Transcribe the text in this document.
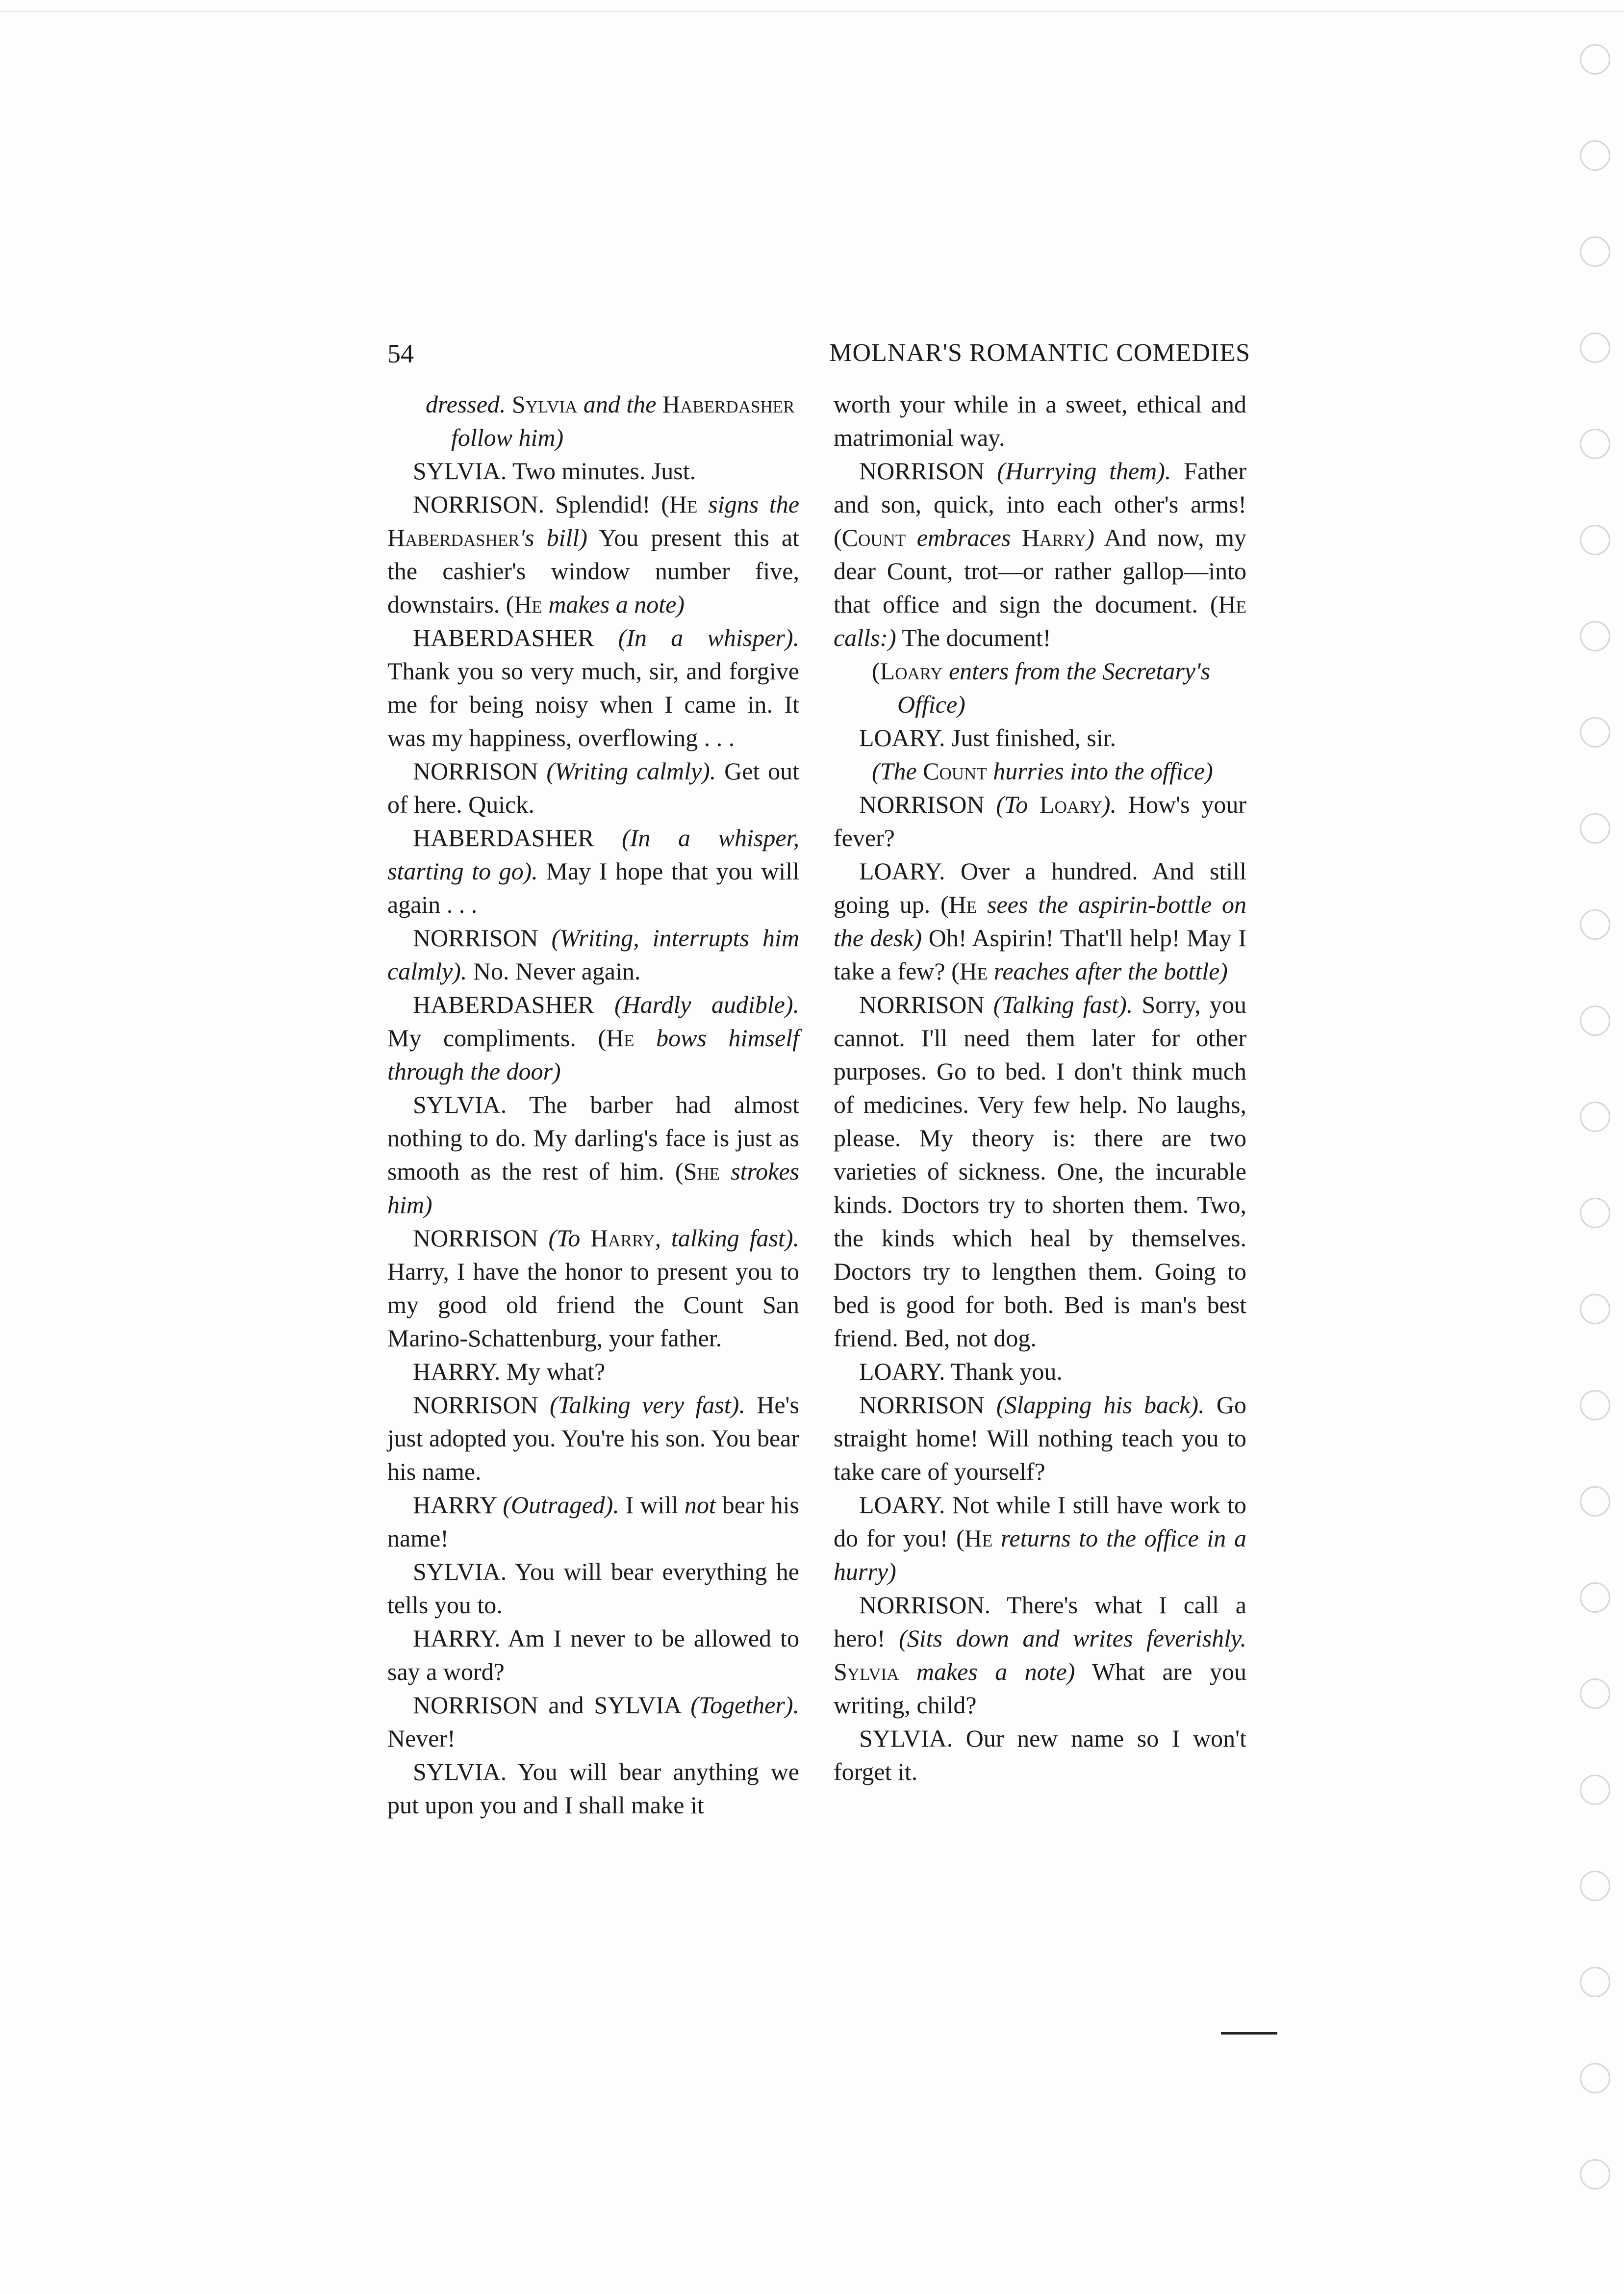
54	MOLNAR'S ROMANTIC COMEDIES

dressed. Sylvia and the Haberdasher follow him)

SYLVIA. Two minutes. Just.

NORRISON. Splendid! (He signs the Haberdasher's bill) You present this at the cashier's window number five, downstairs. (He makes a note)

HABERDASHER (In a whisper). Thank you so very much, sir, and forgive me for being noisy when I came in. It was my happiness, overflowing . . .

NORRISON (Writing calmly). Get out of here. Quick.

HABERDASHER (In a whisper, starting to go). May I hope that you will again . . .

NORRISON (Writing, interrupts him calmly). No. Never again.

HABERDASHER (Hardly audible). My compliments. (He bows himself through the door)

SYLVIA. The barber had almost nothing to do. My darling's face is just as smooth as the rest of him. (She strokes him)

NORRISON (To Harry, talking fast). Harry, I have the honor to present you to my good old friend the Count San Marino-Schattenburg, your father.

HARRY. My what?

NORRISON (Talking very fast). He's just adopted you. You're his son. You bear his name.

HARRY (Outraged). I will not bear his name!

SYLVIA. You will bear everything he tells you to.

HARRY. Am I never to be allowed to say a word?

NORRISON and SYLVIA (Together). Never!

SYLVIA. You will bear anything we put upon you and I shall make it

worth your while in a sweet, ethical and matrimonial way.

NORRISON (Hurrying them). Father and son, quick, into each other's arms! (Count embraces Harry) And now, my dear Count, trot—or rather gallop—into that office and sign the document. (He calls:) The document!

(Loary enters from the Secretary's Office)

LOARY. Just finished, sir.

(The Count hurries into the office)

NORRISON (To Loary). How's your fever?

LOARY. Over a hundred. And still going up. (He sees the aspirin-bottle on the desk) Oh! Aspirin! That'll help! May I take a few? (He reaches after the bottle)

NORRISON (Talking fast). Sorry, you cannot. I'll need them later for other purposes. Go to bed. I don't think much of medicines. Very few help. No laughs, please. My theory is: there are two varieties of sickness. One, the incurable kinds. Doctors try to shorten them. Two, the kinds which heal by themselves. Doctors try to lengthen them. Going to bed is good for both. Bed is man's best friend. Bed, not dog.

LOARY. Thank you.

NORRISON (Slapping his back). Go straight home! Will nothing teach you to take care of yourself?

LOARY. Not while I still have work to do for you! (He returns to the office in a hurry)

NORRISON. There's what I call a hero! (Sits down and writes feverishly. Sylvia makes a note) What are you writing, child?

SYLVIA. Our new name so I won't forget it.
